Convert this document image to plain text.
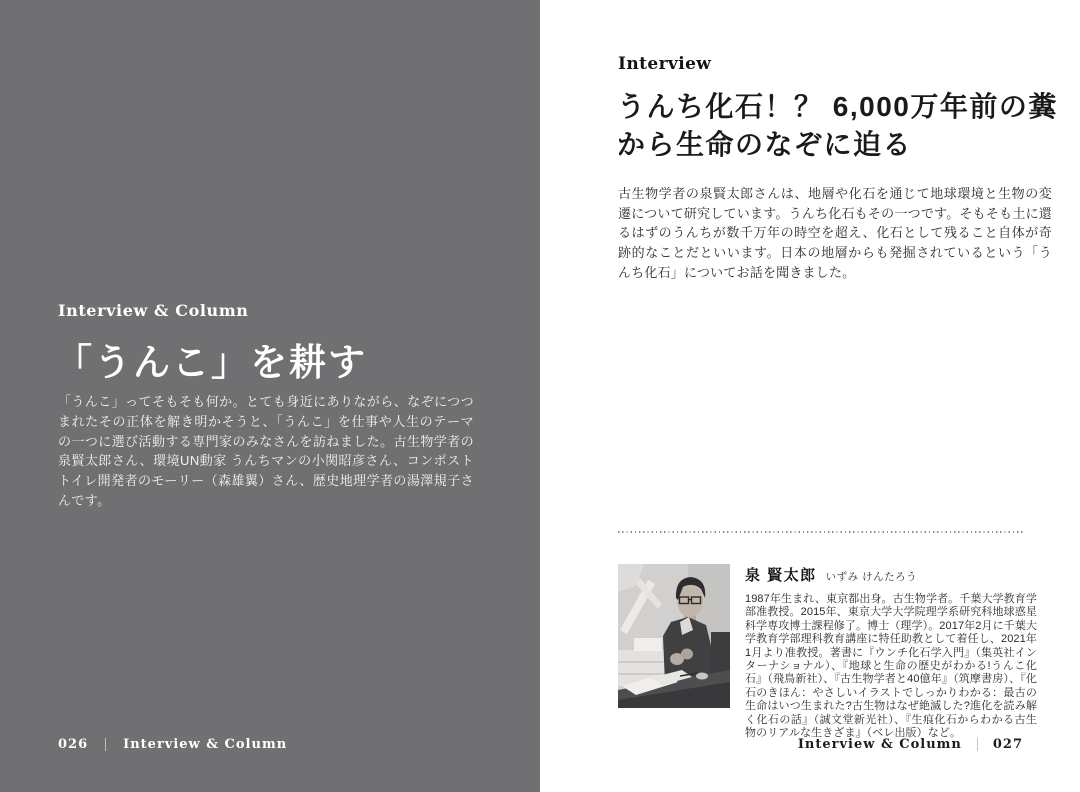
Interview & Column
「うんこ」を耕す

「うんこ」ってそもそも何か。とても身近にありながら、なぞにつつまれたその正体を解き明かそうと、「うんこ」を仕事や人生のテーマの一つに選び活動する専門家のみなさんを訪ねました。古生物学者の泉賢太郎さん、環境UN動家 うんちマンの小関昭彦さん、コンポストトイレ開発者のモーリー（森雄翼）さん、歴史地理学者の湯澤規子さんです。

026	Interview & Column
Interview
うんち化石！？ 6,000万年前の糞
から生命のなぞに迫る

古生物学者の泉賢太郎さんは、地層や化石を通じて地球環境と生物の変遷について研究しています。うんち化石もその一つです。そもそも土に還るはずのうんちが数千万年の時空を超え、化石として残ること自体が奇跡的なことだといいます。日本の地層からも発掘されているという「うんち化石」についてお話を聞きました。

泉 賢太郎 いずみ けんたろう

1987年生まれ、東京都出身。古生物学者。千葉大学教育学部准教授。2015年、東京大学大学院理学系研究科地球惑星科学専攻博士課程修了。博士（理学）。2017年2月に千葉大学教育学部理科教育講座に特任助教として着任し、2021年1月より准教授。著書に『ウンチ化石学入門』（集英社インターナショナル）、『地球と生命の歴史がわかる!うんこ化石』（飛鳥新社）、『古生物学者と40億年』（筑摩書房）、『化石のきほん：やさしいイラストでしっかりわかる：最古の生命はいつ生まれた?古生物はなぜ絶滅した?進化を読み解く化石の話』（誠文堂新光社）、『生痕化石からわかる古生物のリアルな生きざま』（ベレ出版）など。

Interview & Column 027
